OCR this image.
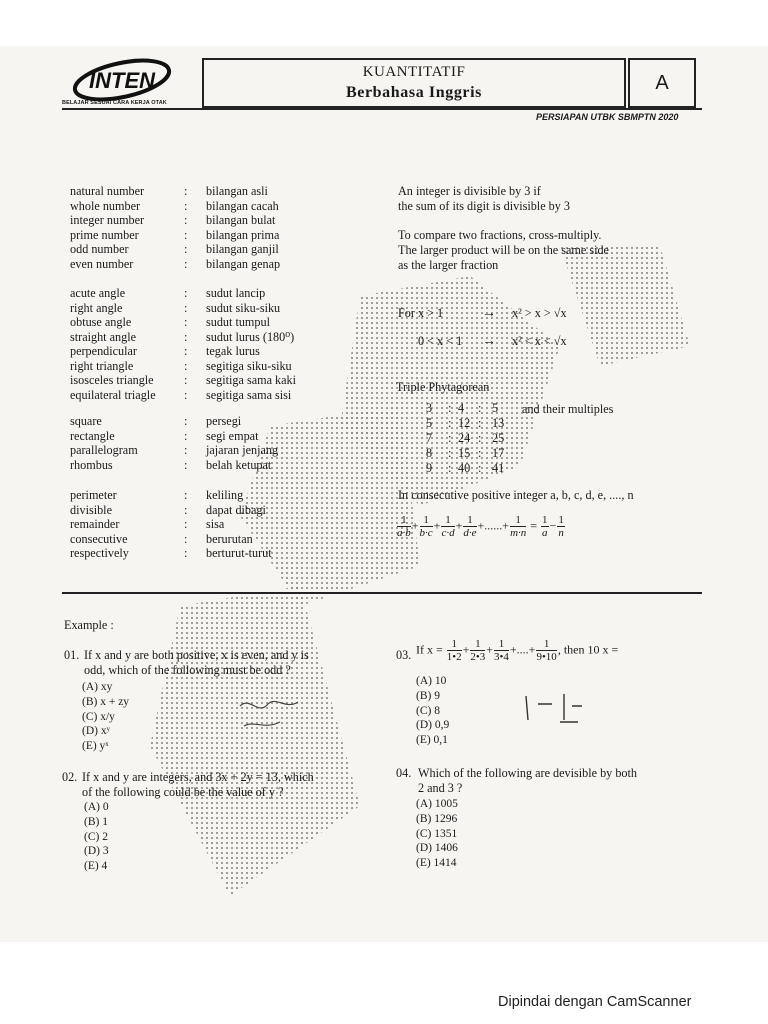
INTEN
BELAJAR SESUAI CARA KERJA OTAK
KUANTITATIF
Berbahasa Inggris	A
PERSIAPAN UTBK SBMPTN 2020
natural number	: bilangan asli
whole number	: bilangan cacah
integer number	: bilangan bulat
prime number	: bilangan prima
odd number	: bilangan ganjil
even number	: bilangan genap
acute angle	: sudut lancip
right angle	: sudut siku-siku
obtuse angle	: sudut tumpul
straight angle	: sudut lurus (180⁰)
perpendicular	: tegak lurus
right triangle	: segitiga siku-siku
isosceles triangle : segitiga sama kaki
equilateral triagle : segitiga sama sisi
square	: persegi
rectangle	: segi empat
parallelogram	: jajaran jenjang
rhombus	: belah ketupat
perimeter	: keliling
divisible	: dapat dibagi
remainder	: sisa
consecutive	: berurutan
respectively	: berturut-turut
An integer is divisible by 3 if
the sum of its digit is divisible by 3
To compare two fractions, cross-multiply.
The larger product will be on the same side
as the larger fraction
For x > 1	→ x² > x > √x
0 < x < 1 → x² < x < √x
Triple Phytagorean
3 : 4 : 5
5 : 12 : 13
7 : 24 : 25
8 : 15 : 17
9 : 40 : 41
and their multiples
In consecutive positive integer a, b, c, d, e, ...., n
$\frac{1}{a\cdot b} + \frac{1}{b\cdot c} + \frac{1}{c\cdot d} + \frac{1}{d\cdot e}$ +......+ $\frac{1}{m\cdot n} = \frac{1}{a} - \frac{1}{n}$
Example :
01. If x and y are both positive, x is even, and y is
odd, which of the following must be odd ?
(A) xy
(B) x + zy
(C) x/y
(D) xʸ
(E) yˣ
02. If x and y are integers, and 3x + 2y = 13, which
of the following could be the value of y ?
(A) 0
(B) 1
(C) 2
(D) 3
(E) 4
03. If $x = \frac{1}{1•2} + \frac{1}{2•3} + \frac{1}{3•4}$ +....+ $\frac{1}{9•10}$ , then 10 x =
(A) 10
(B) 9
(C) 8
(D) 0,9
(E) 0,1
04. Which of the following are devisible by both
2 and 3 ?
(A) 1005
(B) 1296
(C) 1351
(D) 1406
(E) 1414
Dipindai dengan CamScanner
